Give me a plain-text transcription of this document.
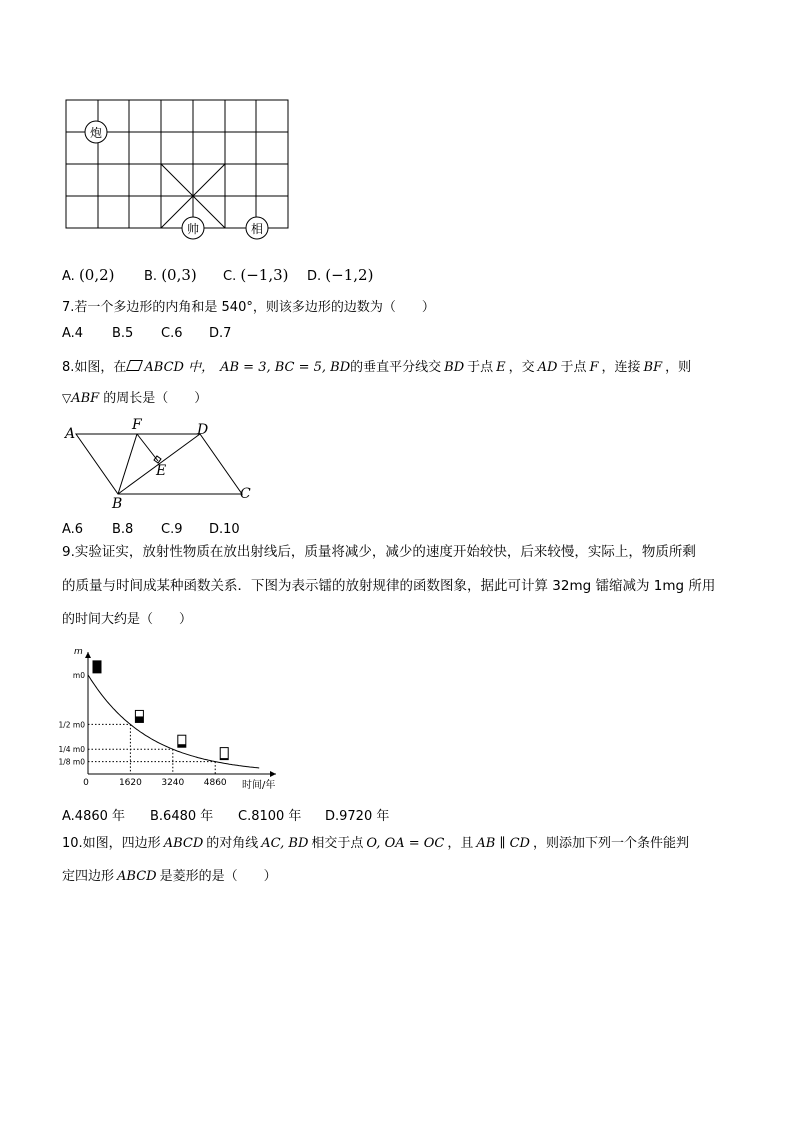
炮
帅	相
A. (0,2) B. (0,3) C. (−1,3) D. (−1,2)
7.若一个多边形的内角和是 540°，则该多边形的边数为（　　）
A.4 B.5 C.6 D.7
8.如图，在 ABCD 中， AB = 3, BC = 5, BD的垂直平分线交 BD 于点 E ，交 AD 于点 F ，连接 BF ，则
▽ABF 的周长是（　　）
A
F	D
E
B
C
A.6 B.8 C.9 D.10
9.实验证实，放射性物质在放出射线后，质量将减少，减少的速度开始较快，后来较慢，实际上，物质所剩
的质量与时间成某种函数关系．下图为表示镭的放射规律的函数图象，据此可计算 32mg 镭缩减为 1mg 所用
的时间大约是（　　）
m
时间/年
0	1620 3240 4860
m0
1/2 m0
1/4 m0
1/8 m0
A.4860 年 B.6480 年 C.8100 年 D.9720 年
10.如图，四边形 ABCD 的对角线 AC, BD 相交于点 O, OA = OC ，且 AB ∥ CD ，则添加下列一个条件能判
定四边形 ABCD 是菱形的是（　　）
